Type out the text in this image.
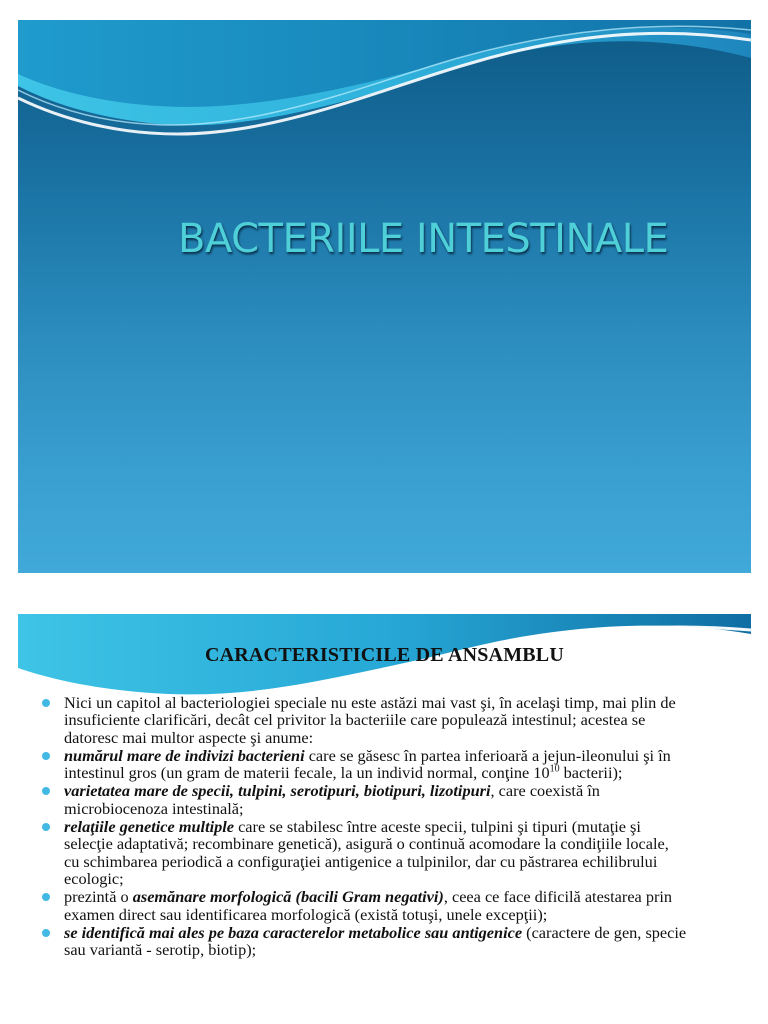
BACTERIILE INTESTINALE
CARACTERISTICILE DE ANSAMBLU
Nici un capitol al bacteriologiei speciale nu este astăzi mai vast şi, în acelaşi timp, mai plin de insuficiente clarificări, decât cel privitor la bacteriile care populează intestinul; acestea se datoresc mai multor aspecte şi anume:
numărul mare de indivizi bacterieni care se găsesc în partea inferioară a jejun-ileonului şi în intestinul gros (un gram de materii fecale, la un individ normal, conţine $10^{10}$ bacterii);
varietatea mare de specii, tulpini, serotipuri, biotipuri, lizotipuri, care coexistă în microbiocenoza intestinală;
relaţiile genetice multiple care se stabilesc între aceste specii, tulpini şi tipuri (mutaţie şi selecţie adaptativă; recombinare genetică), asigură o continuă acomodare la condiţiile locale, cu schimbarea periodică a configuraţiei antigenice a tulpinilor, dar cu păstrarea echilibrului ecologic;
prezintă o asemănare morfologică (bacili Gram negativi), ceea ce face dificilă atestarea prin examen direct sau identificarea morfologică (există totuşi, unele excepţii);
se identifică mai ales pe baza caracterelor metabolice sau antigenice (caractere de gen, specie sau variantă - serotip, biotip);
